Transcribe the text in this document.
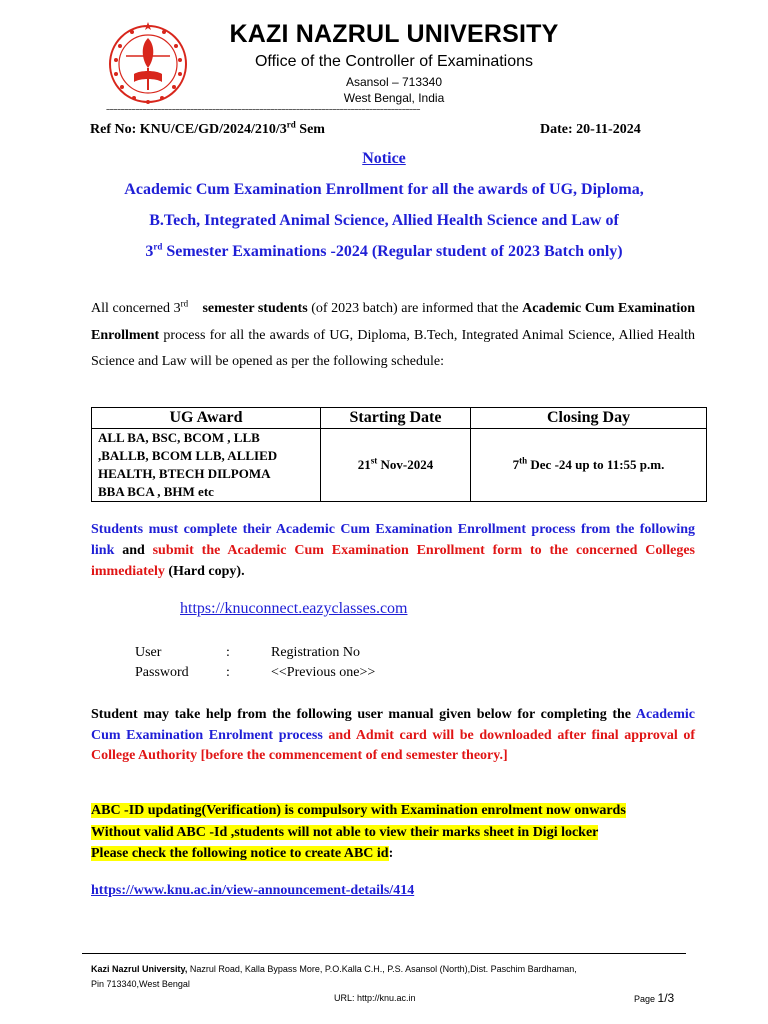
KAZI NAZRUL UNIVERSITY
Office of the Controller of Examinations
Asansol – 713340
West Bengal, India
======================================================================================
Ref No: KNU/CE/GD/2024/210/3rd Sem	Date: 20-11-2024
Notice
Academic Cum Examination Enrollment for all the awards of UG, Diploma,
B.Tech, Integrated Animal Science, Allied Health Science and Law of
3rd Semester Examinations -2024 (Regular student of 2023 Batch only)
All concerned 3rd semester students (of 2023 batch) are informed that the Academic Cum Examination Enrollment process for all the awards of UG, Diploma, B.Tech, Integrated Animal Science, Allied Health Science and Law will be opened as per the following schedule:
UG Award	Starting Date	Closing Day

ALL BA, BSC, BCOM , LLB
,BALLB, BCOM LLB, ALLIED
HEALTH, BTECH DILPOMA
BBA BCA , BHM etc	21st Nov-2024	7th Dec -24 up to 11:55 p.m.
Students must complete their Academic Cum Examination Enrollment process from the following link and submit the Academic Cum Examination Enrollment form to the concerned Colleges immediately (Hard copy).
https://knuconnect.eazyclasses.com
User	:	Registration No
Password	:	<<Previous one>>
Student may take help from the following user manual given below for completing the Academic Cum Examination Enrolment process and Admit card will be downloaded after final approval of College Authority [before the commencement of end semester theory.]
ABC -ID updating(Verification) is compulsory with Examination enrolment now onwards
Without valid ABC -Id ,students will not able to view their marks sheet in Digi locker
Please check the following notice to create ABC id:
https://www.knu.ac.in/view-announcement-details/414
Kazi Nazrul University, Nazrul Road, Kalla Bypass More, P.O.Kalla C.H., P.S. Asansol (North),Dist. Paschim Bardhaman,
Pin 713340,West Bengal
URL: http://knu.ac.in	Page 1/3
